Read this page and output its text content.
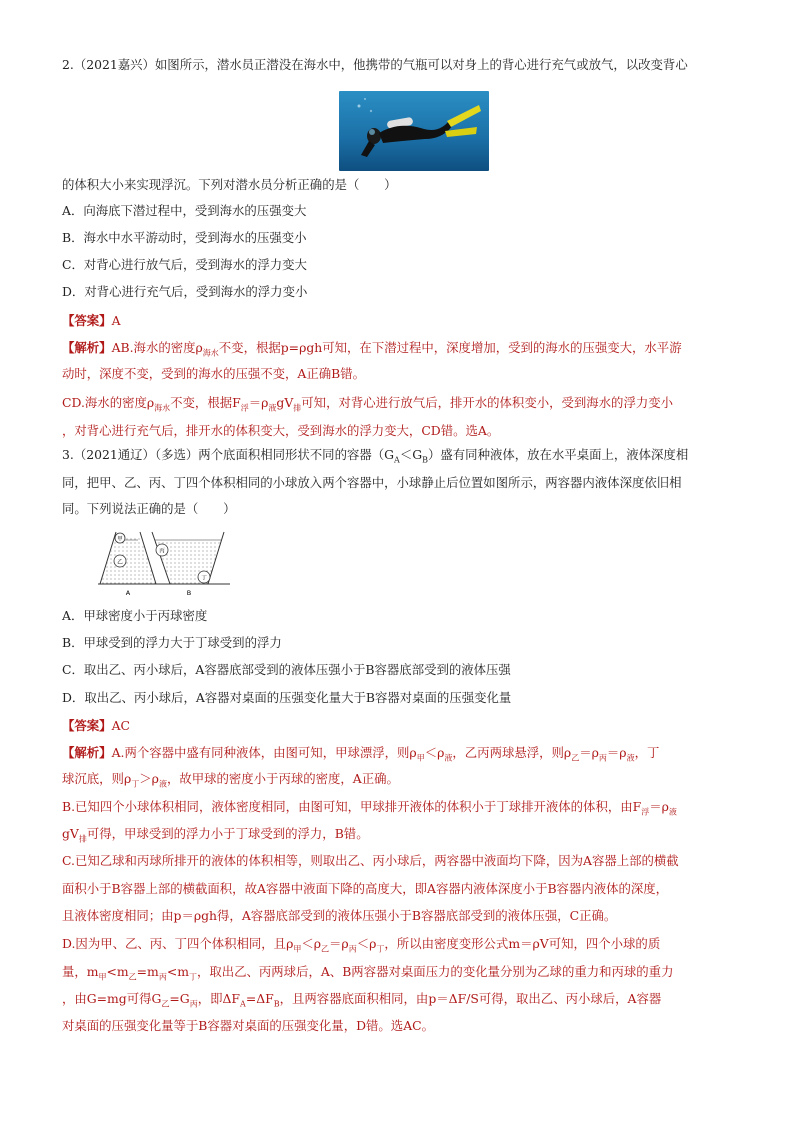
2.（2021嘉兴）如图所示，潜水员正潜没在海水中，他携带的气瓶可以对身上的背心进行充气或放气，以改变背心
的体积大小来实现浮沉。下列对潜水员分析正确的是（　　）
A．向海底下潜过程中，受到海水的压强变大
B．海水中水平游动时，受到海水的压强变小
C．对背心进行放气后，受到海水的浮力变大
D．对背心进行充气后，受到海水的浮力变小
【答案】A
【解析】AB.海水的密度$\rho_{海水}$不变，根据p=ρgh可知，在下潜过程中，深度增加，受到的海水的压强变大，水平游
动时，深度不变，受到的海水的压强不变，A正确B错。
CD.海水的密度$\rho_{海水}$不变，根据$F_浮=\rho_液gV_排$可知，对背心进行放气后，排开水的体积变小，受到海水的浮力变小
，对背心进行充气后，排开水的体积变大，受到海水的浮力变大，CD错。选A。
3.（2021通辽）（多选）两个底面积相同形状不同的容器$(G_A<G_B)$盛有同种液体，放在水平桌面上，液体深度相
同，把甲、乙、丙、丁四个体积相同的小球放入两个容器中，小球静止后位置如图所示，两容器内液体深度依旧相
同。下列说法正确的是（　　）
甲
乙
丙
丁
A	B
A．甲球密度小于丙球密度
B．甲球受到的浮力大于丁球受到的浮力
C．取出乙、丙小球后，A容器底部受到的液体压强小于B容器底部受到的液体压强
D．取出乙、丙小球后，A容器对桌面的压强变化量大于B容器对桌面的压强变化量
【答案】AC
【解析】A.两个容器中盛有同种液体，由图可知，甲球漂浮，则$\rho_甲<\rho_液$，乙丙两球悬浮，则$\rho_乙=\rho_丙=\rho_液$，丁
球沉底，则$\rho_丁>\rho_液$，故甲球的密度小于丙球的密度，A正确。
B.已知四个小球体积相同，液体密度相同，由图可知，甲球排开液体的体积小于丁球排开液体的体积，由$F_浮=\rho_液$
$gV_排$可得，甲球受到的浮力小于丁球受到的浮力，B错。
C.已知乙球和丙球所排开的液体的体积相等，则取出乙、丙小球后，两容器中液面均下降，因为A容器上部的横截
面积小于B容器上部的横截面积，故A容器中液面下降的高度大，即A容器内液体深度小于B容器内液体的深度，
且液体密度相同；由p＝ρgh得，A容器底部受到的液体压强小于B容器底部受到的液体压强，C正确。
D.因为甲、乙、丙、丁四个体积相同，且$\rho_甲<\rho_乙=\rho_丙<\rho_丁$，所以由密度变形公式m＝ρV可知，四个小球的质
量，$m_甲<m_乙=m_丙<m_丁$，取出乙、丙两球后，A、B两容器对桌面压力的变化量分别为乙球的重力和丙球的重力
，由G=mg可得$G_乙=G_丙$，即$\Delta F_A=\Delta F_B$，且两容器底面积相同，由p＝ΔF/S可得，取出乙、丙小球后，A容器
对桌面的压强变化量等于B容器对桌面的压强变化量，D错。选AC。
